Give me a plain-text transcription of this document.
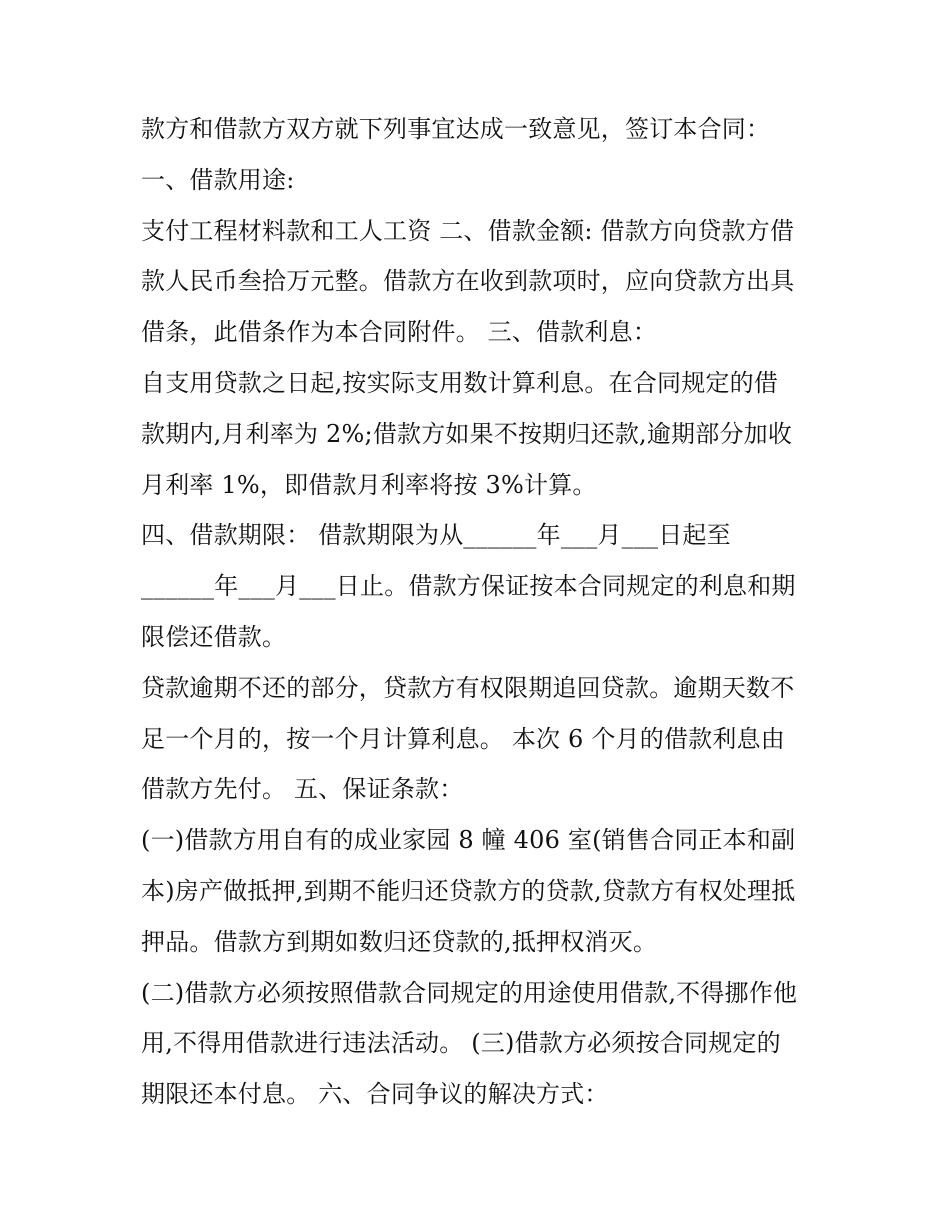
款方和借款方双方就下列事宜达成一致意见，签订本合同：
一、借款用途:
支付工程材料款和工人工资 二、借款金额: 借款方向贷款方借
款人民币叁拾万元整。借款方在收到款项时，应向贷款方出具
借条，此借条作为本合同附件。 三、借款利息：
自支用贷款之日起,按实际支用数计算利息。在合同规定的借
款期内,月利率为 2%;借款方如果不按期归还款,逾期部分加收
月利率 1%，即借款月利率将按 3%计算。
四、借款期限： 借款期限为从______年___月___日起至
______年___月___日止。借款方保证按本合同规定的利息和期
限偿还借款。
贷款逾期不还的部分，贷款方有权限期追回贷款。逾期天数不
足一个月的，按一个月计算利息。 本次 6 个月的借款利息由
借款方先付。 五、保证条款：
(一)借款方用自有的成业家园 8 幢 406 室(销售合同正本和副
本)房产做抵押,到期不能归还贷款方的贷款,贷款方有权处理抵
押品。借款方到期如数归还贷款的,抵押权消灭。
(二)借款方必须按照借款合同规定的用途使用借款,不得挪作他
用,不得用借款进行违法活动。 (三)借款方必须按合同规定的
期限还本付息。 六、合同争议的解决方式：
